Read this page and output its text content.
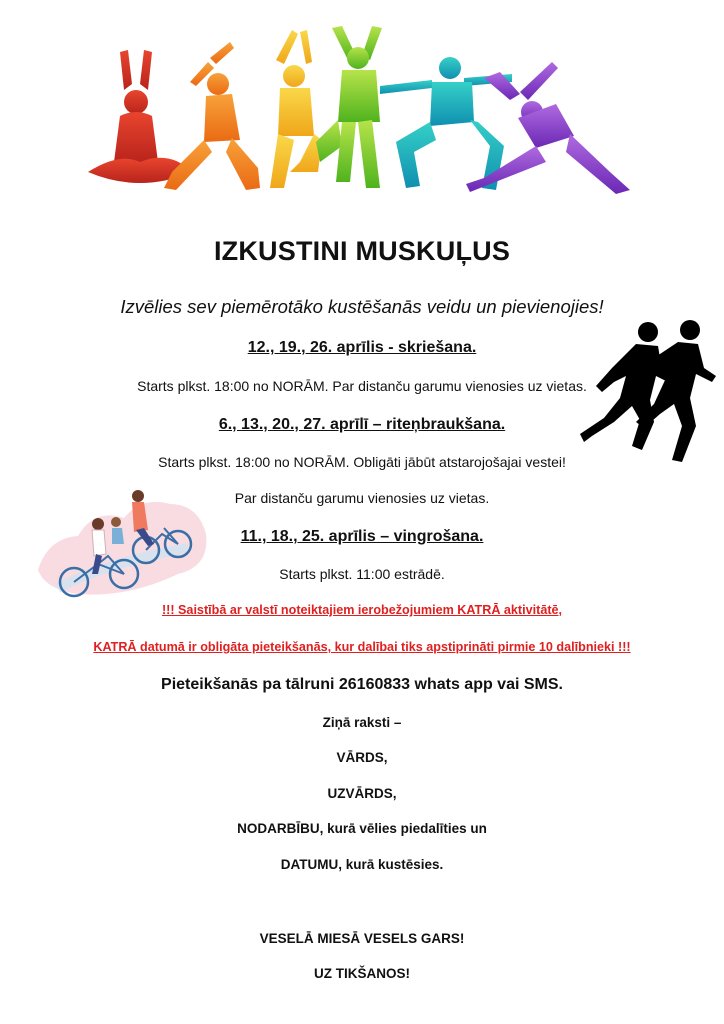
IZKUSTINI MUSKUĻUS
Izvēlies sev piemērotāko kustēšanās veidu un pievienojies!
12., 19., 26. aprīlis - skriešana.
Starts plkst. 18:00 no NORĀM. Par distanču garumu vienosies uz vietas.
6., 13., 20., 27. aprīlī – riteņbraukšana.
Starts plkst. 18:00 no NORĀM. Obligāti jābūt atstarojošajai vestei!
Par distanču garumu vienosies uz vietas.
11., 18., 25. aprīlis – vingrošana.
Starts plkst. 11:00 estrādē.
!!! Saistībā ar valstī noteiktajiem ierobežojumiem KATRĀ aktivitātē,
KATRĀ datumā ir obligāta pieteikšanās, kur dalībai tiks apstiprināti pirmie 10 dalībnieki !!!
Pieteikšanās pa tālruni 26160833 whats app vai SMS.
Ziņā raksti –
VĀRDS,
UZVĀRDS,
NODARBĪBU, kurā vēlies piedalīties un
DATUMU, kurā kustēsies.
VESELĀ MIESĀ VESELS GARS!
UZ TIKŠANOS!
